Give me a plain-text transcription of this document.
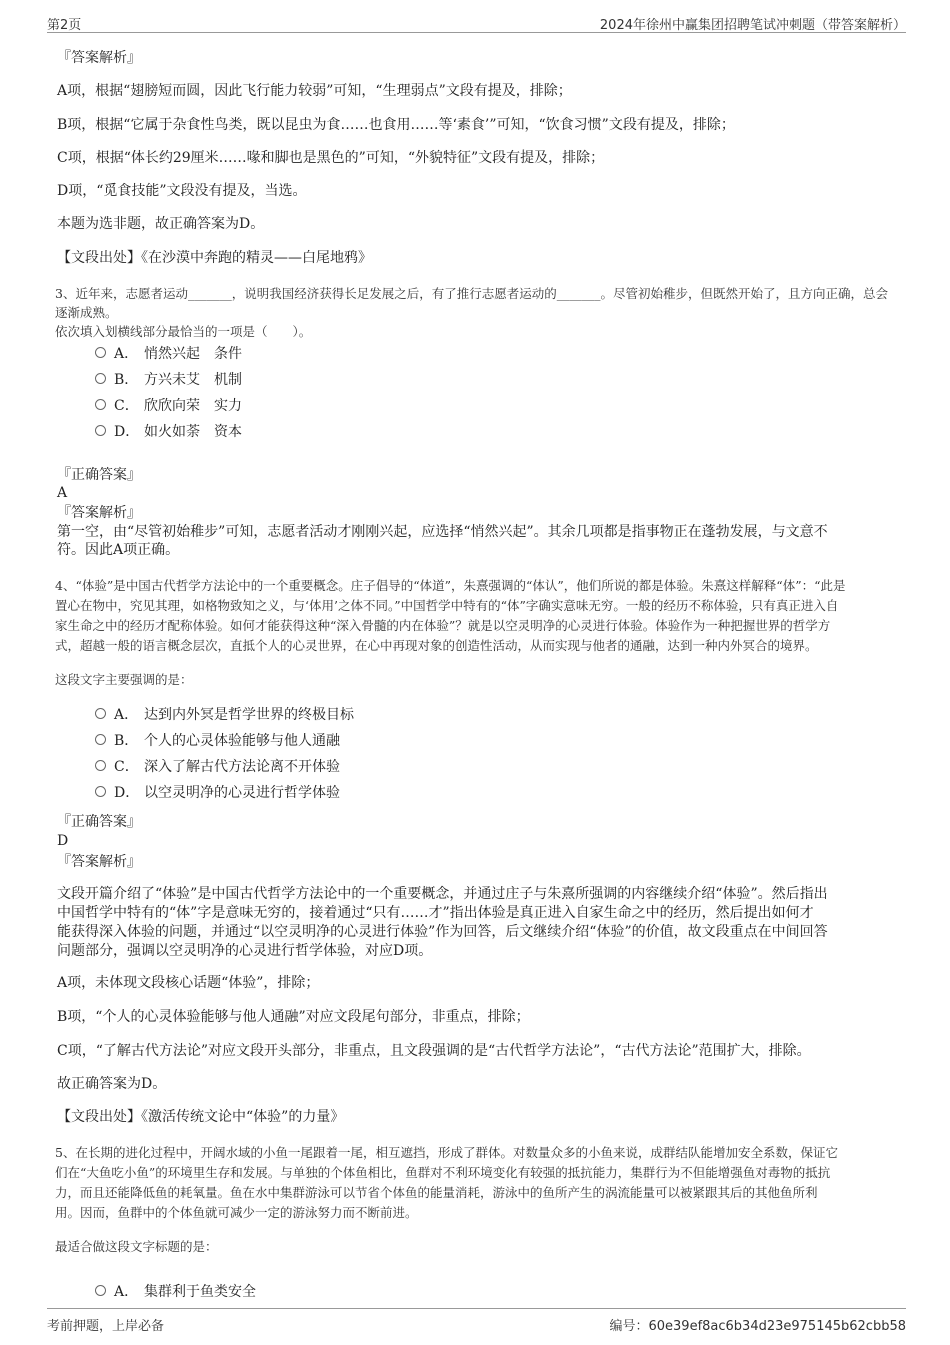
第2页	2024年徐州中赢集团招聘笔试冲刺题（带答案解析）

『答案解析』

A项，根据“翅膀短而圆，因此飞行能力较弱”可知，“生理弱点”文段有提及，排除；

B项，根据“它属于杂食性鸟类，既以昆虫为食……也食用……等‘素食’”可知，“饮食习惯”文段有提及，排除；

C项，根据“体长约29厘米……喙和脚也是黑色的”可知，“外貌特征”文段有提及，排除；

D项，“觅食技能”文段没有提及，当选。

本题为选非题，故正确答案为D。

【文段出处】《在沙漠中奔跑的精灵——白尾地鸦》

3、近年来，志愿者运动_______，说明我国经济获得长足发展之后，有了推行志愿者运动的_______。尽管初始稚步，但既然开始了，且方向正确，总会逐渐成熟。

依次填入划横线部分最恰当的一项是（　　）。

A． 悄然兴起 条件
B． 方兴未艾 机制
C． 欣欣向荣 实力
D． 如火如荼 资本

『正确答案』

A

『答案解析』

第一空，由“尽管初始稚步”可知，志愿者活动才刚刚兴起，应选择“悄然兴起”。其余几项都是指事物正在蓬勃发展，与文意不

符。因此A项正确。

4、“体验”是中国古代哲学方法论中的一个重要概念。庄子倡导的“体道”，朱熹强调的“体认”，他们所说的都是体验。朱熹这样解释“体”：“此是

置心在物中，究见其理，如格物致知之义，与‘体用’之体不同。”中国哲学中特有的“体”字确实意味无穷。一般的经历不称体验，只有真正进入自

家生命之中的经历才配称体验。如何才能获得这种“深入骨髓的内在体验”？就是以空灵明净的心灵进行体验。体验作为一种把握世界的哲学方

式，超越一般的语言概念层次，直抵个人的心灵世界，在心中再现对象的创造性活动，从而实现与他者的通融，达到一种内外冥合的境界。

这段文字主要强调的是：

A． 达到内外冥是哲学世界的终极目标
B． 个人的心灵体验能够与他人通融
C． 深入了解古代方法论离不开体验
D． 以空灵明净的心灵进行哲学体验

『正确答案』

D

『答案解析』

文段开篇介绍了“体验”是中国古代哲学方法论中的一个重要概念，并通过庄子与朱熹所强调的内容继续介绍“体验”。然后指出

中国哲学中特有的“体”字是意味无穷的，接着通过“只有……才”指出体验是真正进入自家生命之中的经历，然后提出如何才

能获得深入体验的问题，并通过“以空灵明净的心灵进行体验”作为回答，后文继续介绍“体验”的价值，故文段重点在中间回答

问题部分，强调以空灵明净的心灵进行哲学体验，对应D项。

A项，未体现文段核心话题“体验”，排除；

B项，“个人的心灵体验能够与他人通融”对应文段尾句部分，非重点，排除；

C项，“了解古代方法论”对应文段开头部分，非重点，且文段强调的是“古代哲学方法论”，“古代方法论”范围扩大，排除。

故正确答案为D。

【文段出处】《激活传统文论中“体验”的力量》

5、在长期的进化过程中，开阔水域的小鱼一尾跟着一尾，相互遮挡，形成了群体。对数量众多的小鱼来说，成群结队能增加安全系数，保证它

们在“大鱼吃小鱼”的环境里生存和发展。与单独的个体鱼相比，鱼群对不利环境变化有较强的抵抗能力，集群行为不但能增强鱼对毒物的抵抗

力，而且还能降低鱼的耗氧量。鱼在水中集群游泳可以节省个体鱼的能量消耗，游泳中的鱼所产生的涡流能量可以被紧跟其后的其他鱼所利

用。因而，鱼群中的个体鱼就可减少一定的游泳努力而不断前进。

最适合做这段文字标题的是：

A． 集群利于鱼类安全
考前押题，上岸必备	编号：60e39ef8ac6b34d23e975145b62cbb58
